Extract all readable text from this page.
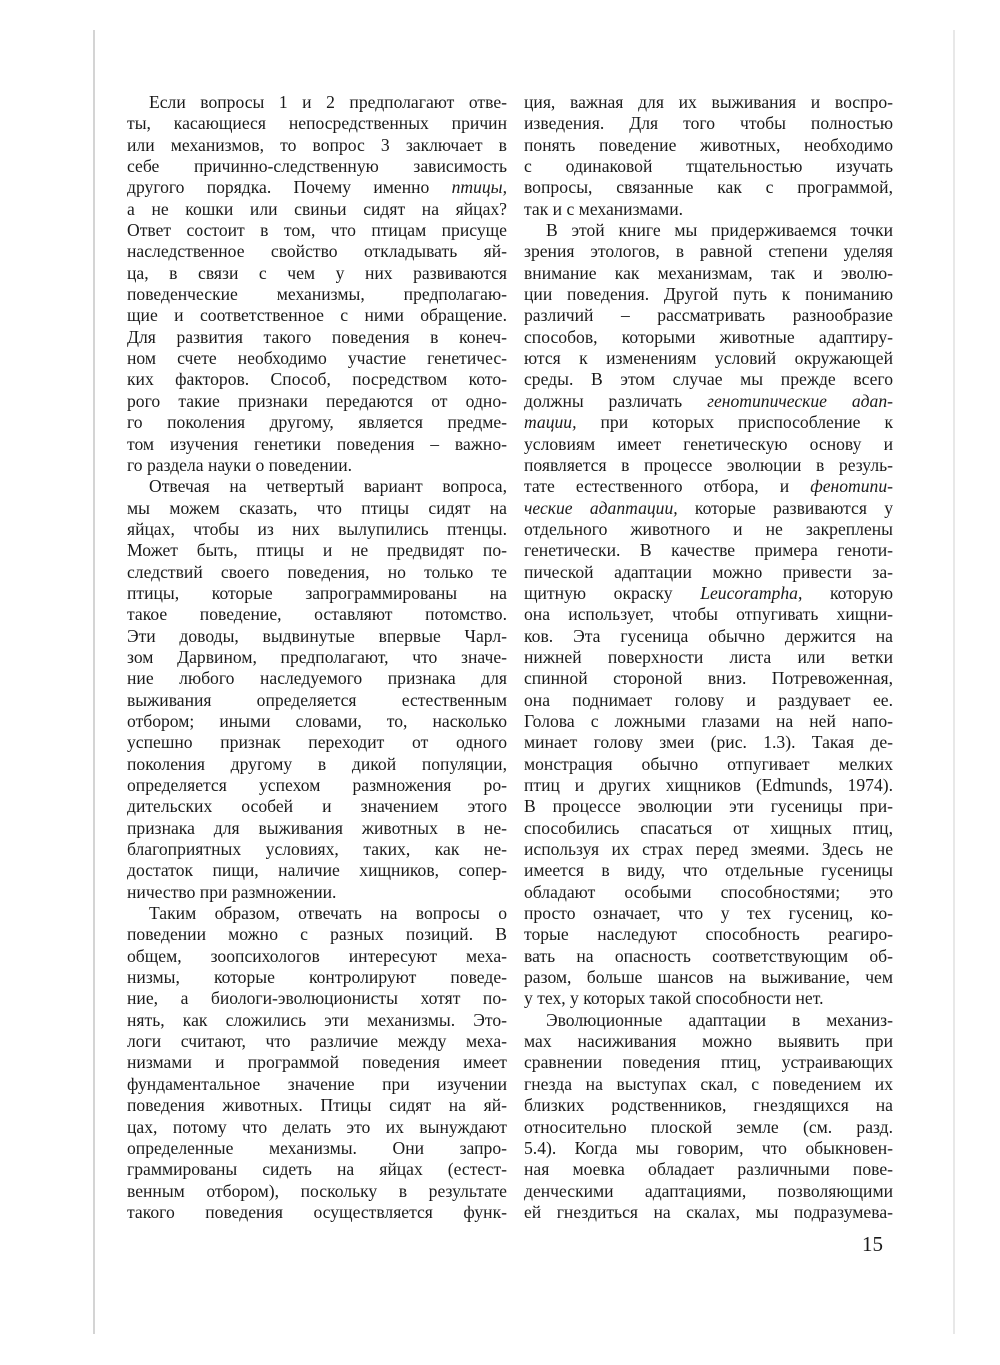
Если вопросы 1 и 2 предполагают отве-
ты, касающиеся непосредственных причин
или механизмов, то вопрос 3 заключает в
себе причинно-следственную зависимость
другого порядка. Почему именно птицы,
а не кошки или свиньи сидят на яйцах?
Ответ состоит в том, что птицам присуще
наследственное свойство откладывать яй-
ца, в связи с чем у них развиваются
поведенческие механизмы, предполагаю-
щие и соответственное с ними обращение.
Для развития такого поведения в конеч-
ном счете необходимо участие генетичес-
ких факторов. Способ, посредством кото-
рого такие признаки передаются от одно-
го поколения другому, является предме-
том изучения генетики поведения – важно-
го раздела науки о поведении.
Отвечая на четвертый вариант вопроса,
мы можем сказать, что птицы сидят на
яйцах, чтобы из них вылупились птенцы.
Может быть, птицы и не предвидят по-
следствий своего поведения, но только те
птицы, которые запрограммированы на
такое поведение, оставляют потомство.
Эти доводы, выдвинутые впервые Чарл-
зом Дарвином, предполагают, что значе-
ние любого наследуемого признака для
выживания определяется естественным
отбором; иными словами, то, насколько
успешно признак переходит от одного
поколения другому в дикой популяции,
определяется успехом размножения ро-
дительских особей и значением этого
признака для выживания животных в не-
благоприятных условиях, таких, как не-
достаток пищи, наличие хищников, сопер-
ничество при размножении.
Таким образом, отвечать на вопросы о
поведении можно с разных позиций. В
общем, зоопсихологов интересуют меха-
низмы, которые контролируют поведе-
ние, а биологи-эволюционисты хотят по-
нять, как сложились эти механизмы. Это-
логи считают, что различие между меха-
низмами и программой поведения имеет
фундаментальное значение при изучении
поведения животных. Птицы сидят на яй-
цах, потому что делать это их вынуждают
определенные механизмы. Они запро-
граммированы сидеть на яйцах (естест-
венным отбором), поскольку в результате
такого поведения осуществляется функ-
ция, важная для их выживания и воспро-
изведения. Для того чтобы полностью
понять поведение животных, необходимо
с одинаковой тщательностью изучать
вопросы, связанные как с программой,
так и с механизмами.
В этой книге мы придерживаемся точки
зрения этологов, в равной степени уделяя
внимание как механизмам, так и эволю-
ции поведения. Другой путь к пониманию
различий – рассматривать разнообразие
способов, которыми животные адаптиру-
ются к изменениям условий окружающей
среды. В этом случае мы прежде всего
должны различать генотипические адап-
тации, при которых приспособление к
условиям имеет генетическую основу и
появляется в процессе эволюции в резуль-
тате естественного отбора, и фенотипи-
ческие адаптации, которые развиваются у
отдельного животного и не закреплены
генетически. В качестве примера геноти-
пической адаптации можно привести за-
щитную окраску Leucorampha, которую
она использует, чтобы отпугивать хищни-
ков. Эта гусеница обычно держится на
нижней поверхности листа или ветки
спинной стороной вниз. Потревоженная,
она поднимает голову и раздувает ее.
Голова с ложными глазами на ней напо-
минает голову змеи (рис. 1.3). Такая де-
монстрация обычно отпугивает мелких
птиц и других хищников (Edmunds, 1974).
В процессе эволюции эти гусеницы при-
способились спасаться от хищных птиц,
используя их страх перед змеями. Здесь не
имеется в виду, что отдельные гусеницы
обладают особыми способностями; это
просто означает, что у тех гусениц, ко-
торые наследуют способность реагиро-
вать на опасность соответствующим об-
разом, больше шансов на выживание, чем
у тех, у которых такой способности нет.
Эволюционные адаптации в механиз-
мах насиживания можно выявить при
сравнении поведения птиц, устраивающих
гнезда на выступах скал, с поведением их
близких родственников, гнездящихся на
относительно плоской земле (см. разд.
5.4). Когда мы говорим, что обыкновен-
ная моевка обладает различными пове-
денческими адаптациями, позволяющими
ей гнездиться на скалах, мы подразумева-
15
